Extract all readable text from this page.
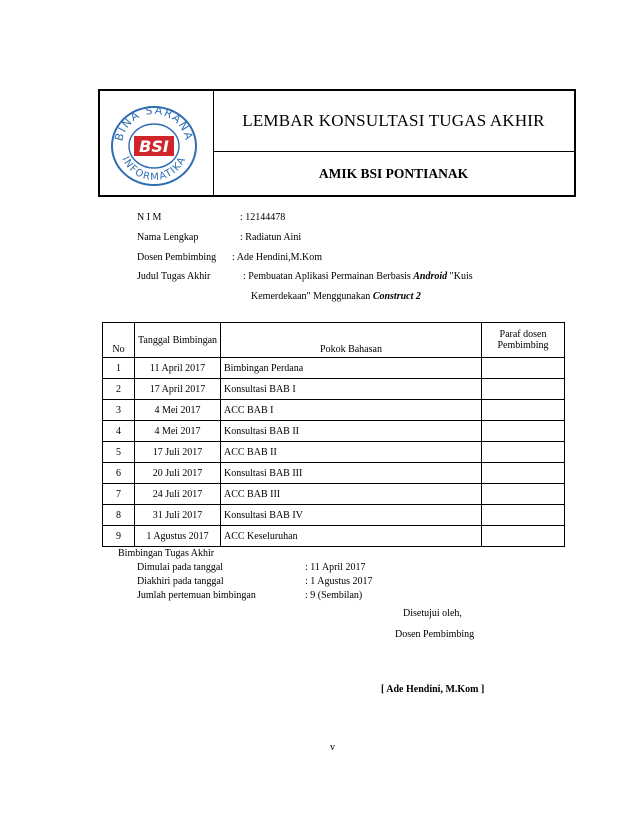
BINA SARANA
INFORMATIKA
BSI
LEMBAR KONSULTASI TUGAS AKHIR
AMIK BSI PONTIANAK
N I M	: 12144478
Nama Lengkap	: Radiatun Aini
Dosen Pembimbing : Ade Hendini,M.Kom
Judul Tugas Akhir	: Pembuatan Aplikasi Permainan Berbasis Android "Kuis
Kemerdekaan" Menggunakan Construct 2
No	Tanggal Bimbingan	Pokok Bahasan	Paraf dosen Pembimbing
1	11 April 2017	Bimbingan Perdana	
2	17 April 2017	Konsultasi BAB I	
3	4 Mei 2017	ACC BAB I	
4	4 Mei 2017	Konsultasi BAB II	
5	17 Juli 2017	ACC BAB II	
6	20 Juli 2017	Konsultasi BAB III	
7	24 Juli 2017	ACC BAB III	
8	31 Juli 2017	Konsultasi BAB IV	
9	1 Agustus 2017	ACC Keseluruhan	
Bimbingan Tugas Akhir
Dimulai pada tanggal	: 11 April 2017
Diakhiri pada tanggal	: 1 Agustus 2017
Jumlah pertemuan bimbingan	: 9 (Sembilan)
Disetujui oleh,
Dosen Pembimbing
[ Ade Hendini, M.Kom ]
v
